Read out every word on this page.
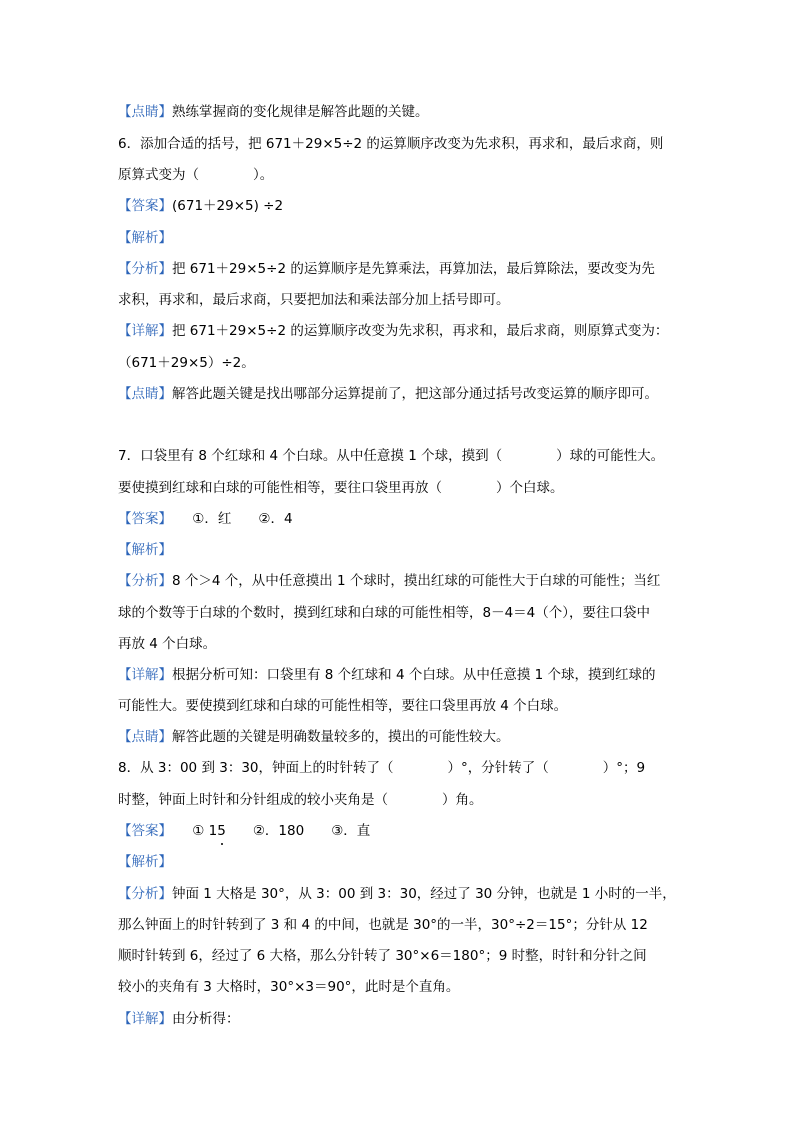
【点睛】熟练掌握商的变化规律是解答此题的关键。
6．添加合适的括号，把 671＋29×5÷2 的运算顺序改变为先求积，再求和，最后求商，则
原算式变为（　　　　）。
【答案】(671＋29×5) ÷2
【解析】
【分析】把 671＋29×5÷2 的运算顺序是先算乘法，再算加法，最后算除法，要改变为先
求积，再求和，最后求商，只要把加法和乘法部分加上括号即可。
【详解】把 671＋29×5÷2 的运算顺序改变为先求积，再求和，最后求商，则原算式变为：
（671＋29×5）÷2。
【点睛】解答此题关键是找出哪部分运算提前了，把这部分通过括号改变运算的顺序即可。
7．口袋里有 8 个红球和 4 个白球。从中任意摸 1 个球，摸到（　　　　）球的可能性大。
要使摸到红球和白球的可能性相等，要往口袋里再放（　　　　）个白球。
【答案】　　①．红　　②．4
【解析】
【分析】8 个＞4 个，从中任意摸出 1 个球时，摸出红球的可能性大于白球的可能性；当红
球的个数等于白球的个数时，摸到红球和白球的可能性相等，8－4＝4（个），要往口袋中
再放 4 个白球。
【详解】根据分析可知：口袋里有 8 个红球和 4 个白球。从中任意摸 1 个球，摸到红球的
可能性大。要使摸到红球和白球的可能性相等，要往口袋里再放 4 个白球。
【点睛】解答此题的关键是明确数量较多的，摸出的可能性较大。
8．从 3：00 到 3：30，钟面上的时针转了（　　　　）°，分针转了（　　　　）°；9
时整，钟面上时针和分针组成的较小夹角是（　　　　）角。
【答案】　　① 15　　②．180　　③．直
【解析】
【分析】钟面 1 大格是 30°，从 3：00 到 3：30，经过了 30 分钟，也就是 1 小时的一半，
那么钟面上的时针转到了 3 和 4 的中间，也就是 30°的一半，30°÷2＝15°；分针从 12
顺时针转到 6，经过了 6 大格，那么分针转了 30°×6＝180°；9 时整，时针和分针之间
较小的夹角有 3 大格时，30°×3＝90°，此时是个直角。
【详解】由分析得：
